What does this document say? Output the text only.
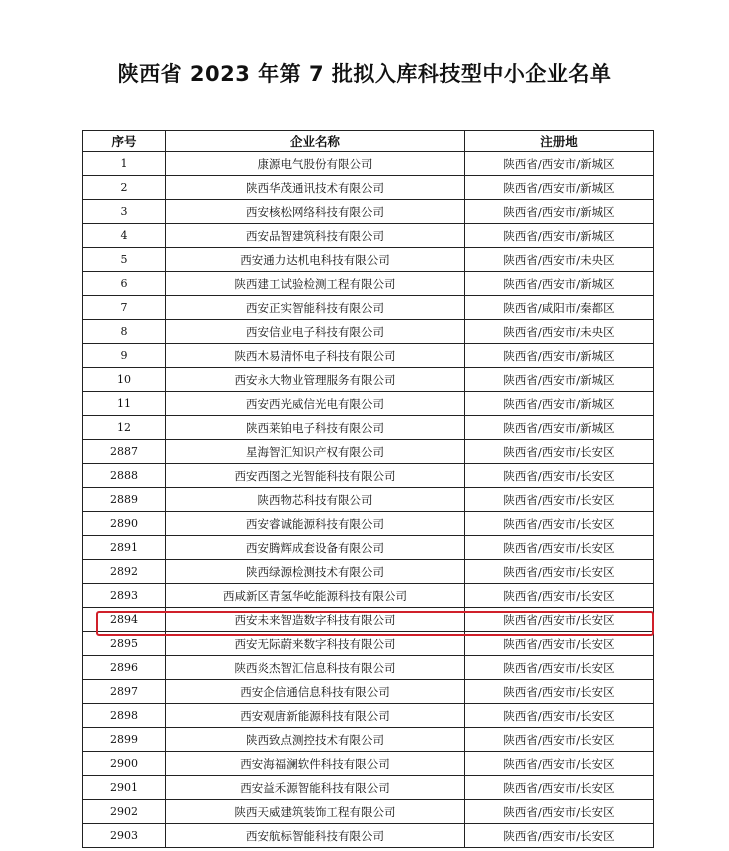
陕西省 2023 年第 7 批拟入库科技型中小企业名单
序号	企业名称	注册地
1	康源电气股份有限公司	陕西省/西安市/新城区
2	陕西华茂通讯技术有限公司	陕西省/西安市/新城区
3	西安核松网络科技有限公司	陕西省/西安市/新城区
4	西安品智建筑科技有限公司	陕西省/西安市/新城区
5	西安通力达机电科技有限公司	陕西省/西安市/未央区
6	陕西建工试验检测工程有限公司	陕西省/西安市/新城区
7	西安正实智能科技有限公司	陕西省/咸阳市/秦都区
8	西安信业电子科技有限公司	陕西省/西安市/未央区
9	陕西木易清怀电子科技有限公司	陕西省/西安市/新城区
10	西安永大物业管理服务有限公司	陕西省/西安市/新城区
11	西安西光威信光电有限公司	陕西省/西安市/新城区
12	陕西莱铂电子科技有限公司	陕西省/西安市/新城区
2887	星海智汇知识产权有限公司	陕西省/西安市/长安区
2888	西安西图之光智能科技有限公司	陕西省/西安市/长安区
2889	陕西物芯科技有限公司	陕西省/西安市/长安区
2890	西安睿诚能源科技有限公司	陕西省/西安市/长安区
2891	西安腾辉成套设备有限公司	陕西省/西安市/长安区
2892	陕西绿源检测技术有限公司	陕西省/西安市/长安区
2893	西咸新区青氢华屹能源科技有限公司	陕西省/西安市/长安区
2894	西安未来智造数字科技有限公司	陕西省/西安市/长安区
2895	西安无际蔚来数字科技有限公司	陕西省/西安市/长安区
2896	陕西炎杰智汇信息科技有限公司	陕西省/西安市/长安区
2897	西安企信通信息科技有限公司	陕西省/西安市/长安区
2898	西安观唐新能源科技有限公司	陕西省/西安市/长安区
2899	陕西致点测控技术有限公司	陕西省/西安市/长安区
2900	西安海福澜软件科技有限公司	陕西省/西安市/长安区
2901	西安益禾源智能科技有限公司	陕西省/西安市/长安区
2902	陕西天威建筑装饰工程有限公司	陕西省/西安市/长安区
2903	西安航标智能科技有限公司	陕西省/西安市/长安区
